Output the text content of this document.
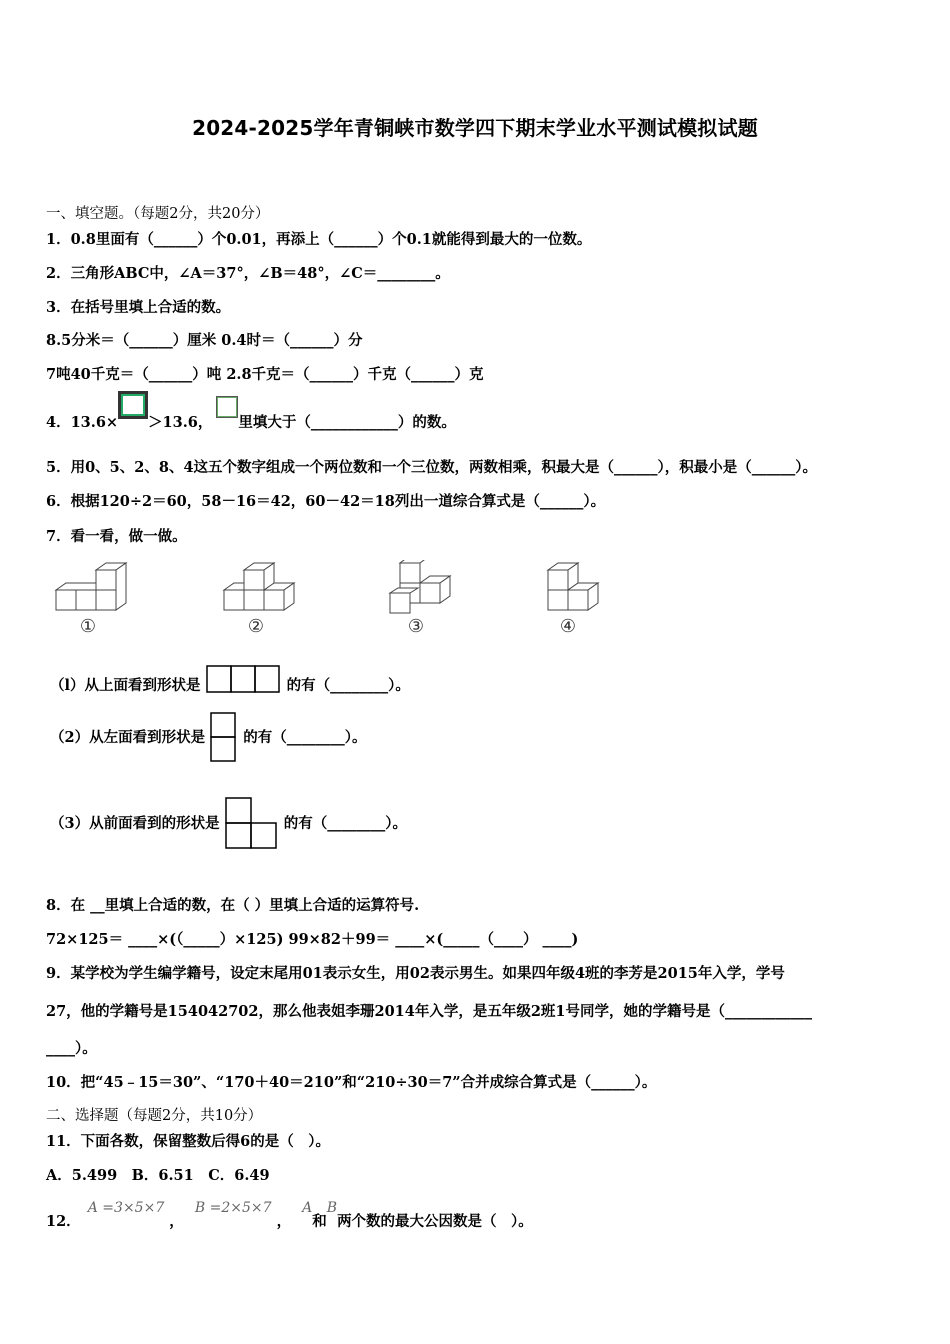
2024-2025学年青铜峡市数学四下期末学业水平测试模拟试题
一、填空题。（每题2分，共20分）
1．0.8里面有（______）个0.01，再添上（______）个0.1就能得到最大的一位数。
2．三角形ABC中，∠A＝37°，∠B＝48°，∠C＝________。
3．在括号里填上合适的数。
8.5分米＝（______）厘米 0.4时＝（______）分
7吨40千克＝（______）吨 2.8千克＝（______）千克（______）克
4．13.6× ＞13.6， 里填大于（____________）的数。
5．用0、5、2、8、4这五个数字组成一个两位数和一个三位数，两数相乘，积最大是（______），积最小是（______）。
6．根据120÷2＝60，58－16＝42，60－42＝18列出一道综合算式是（______）。
7．看一看，做一做。
①	②	③	④
（l）从上面看到形状是	的有（________）。
（2）从左面看到形状是	的有（________）。
（3）从前面看到的形状是	的有（________）。
8．在 __里填上合适的数，在（ ）里填上合适的运算符号.
72×125＝ ____×(（_____）×125) 99×82＋99＝ ____×(_____（____） ____)
9．某学校为学生编学籍号，设定末尾用01表示女生，用02表示男生。如果四年级4班的李芳是2015年入学，学号
27，他的学籍号是154042702，那么他表姐李珊2014年入学，是五年级2班1号同学，她的学籍号是（____________
____）。
10．把“45﹣15＝30”、“170＋40＝210”和“210÷30＝7”合并成综合算式是（______）。
二、选择题（每题2分，共10分）
11．下面各数，保留整数后得6的是（　）。
A．5.499　B．6.51　C．6.49
12． A =3×5×7 ， B =2×5×7 ， A和B两个数的最大公因数是（　）。
